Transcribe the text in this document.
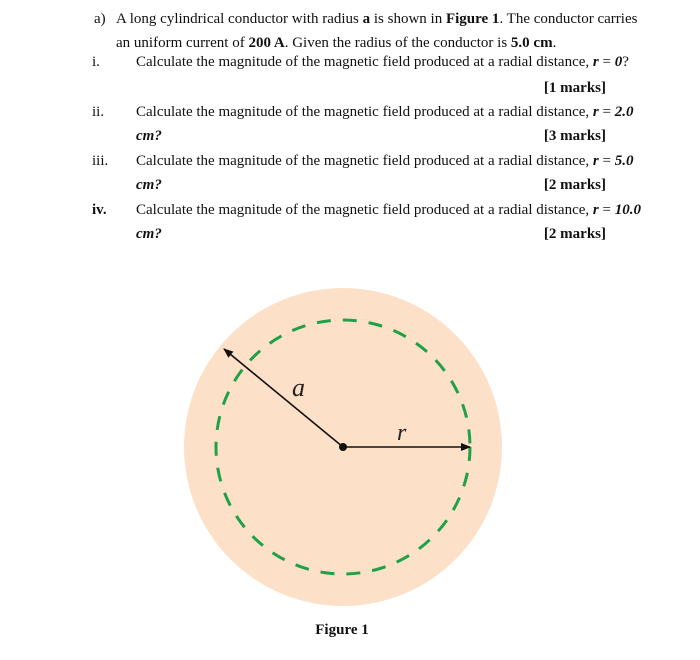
a) A long cylindrical conductor with radius a is shown in Figure 1. The conductor carries
an uniform current of 200 A. Given the radius of the conductor is 5.0 cm.
i. Calculate the magnitude of the magnetic field produced at a radial distance, r = 0?
[1 marks]
ii. Calculate the magnitude of the magnetic field produced at a radial distance, r = 2.0
cm?	[3 marks]
iii. Calculate the magnitude of the magnetic field produced at a radial distance, r = 5.0
cm?	[2 marks]
iv. Calculate the magnitude of the magnetic field produced at a radial distance, r = 10.0
cm?	[2 marks]
a
r
Figure 1
